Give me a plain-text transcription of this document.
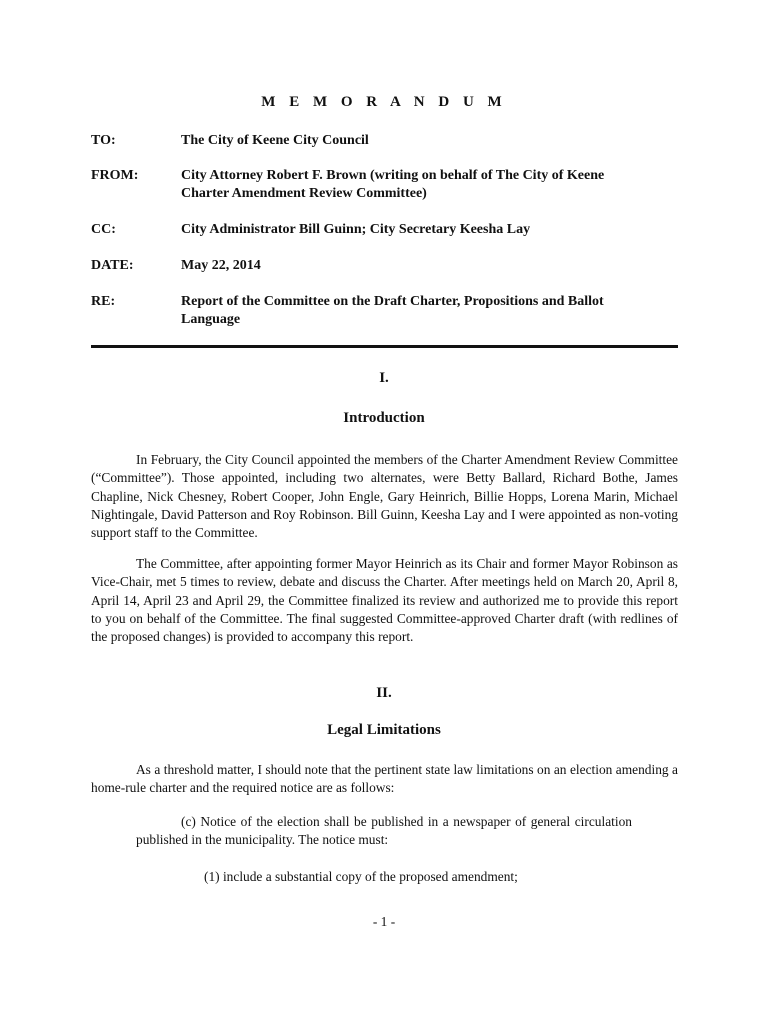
M E M O R A N D U M
TO:	The City of Keene City Council
FROM:	City Attorney Robert F. Brown (writing on behalf of The City of Keene Charter Amendment Review Committee)
CC:	City Administrator Bill Guinn; City Secretary Keesha Lay
DATE:	May 22, 2014
RE:	Report of the Committee on the Draft Charter, Propositions and Ballot Language
I.
Introduction

In February, the City Council appointed the members of the Charter Amendment Review Committee (“Committee”). Those appointed, including two alternates, were Betty Ballard, Richard Bothe, James Chapline, Nick Chesney, Robert Cooper, John Engle, Gary Heinrich, Billie Hopps, Lorena Marin, Michael Nightingale, David Patterson and Roy Robinson. Bill Guinn, Keesha Lay and I were appointed as non-voting support staff to the Committee.

The Committee, after appointing former Mayor Heinrich as its Chair and former Mayor Robinson as Vice-Chair, met 5 times to review, debate and discuss the Charter. After meetings held on March 20, April 8, April 14, April 23 and April 29, the Committee finalized its review and authorized me to provide this report to you on behalf of the Committee. The final suggested Committee-approved Charter draft (with redlines of the proposed changes) is provided to accompany this report.

II.
Legal Limitations

As a threshold matter, I should note that the pertinent state law limitations on an election amending a home-rule charter and the required notice are as follows:

(c) Notice of the election shall be published in a newspaper of general circulation published in the municipality. The notice must:

(1) include a substantial copy of the proposed amendment;
- 1 -
